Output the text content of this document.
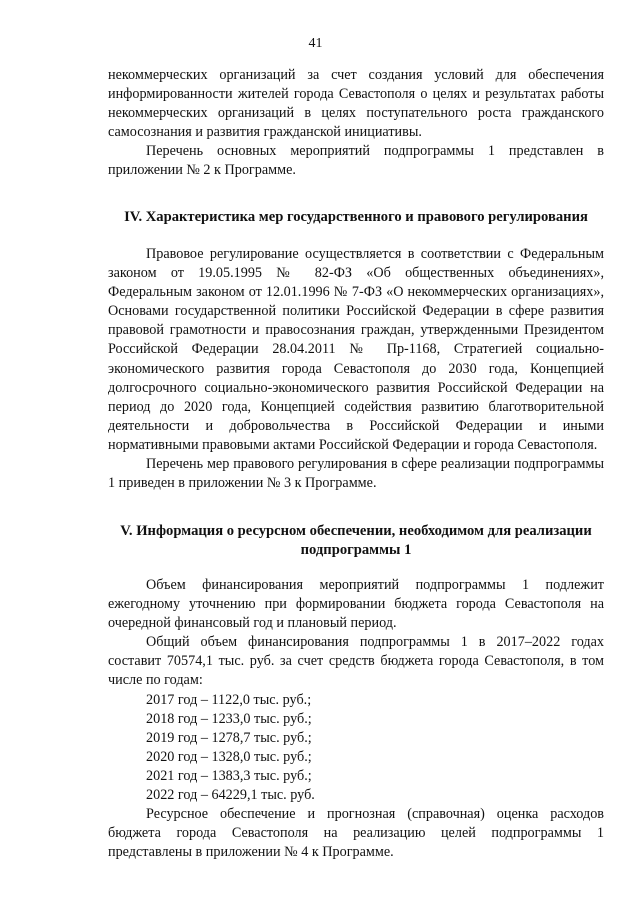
41

некоммерческих организаций за счет создания условий для обеспечения информированности жителей города Севастополя о целях и результатах работы некоммерческих организаций в целях поступательного роста гражданского самосознания и развития гражданской инициативы.

Перечень основных мероприятий подпрограммы 1 представлен в приложении № 2 к Программе.

IV. Характеристика мер государственного и правового регулирования

Правовое регулирование осуществляется в соответствии с Федеральным законом от 19.05.1995 № 82-ФЗ «Об общественных объединениях», Федеральным законом от 12.01.1996 № 7-ФЗ «О некоммерческих организациях», Основами государственной политики Российской Федерации в сфере развития правовой грамотности и правосознания граждан, утвержденными Президентом Российской Федерации 28.04.2011 № Пр-1168, Стратегией социально-экономического развития города Севастополя до 2030 года, Концепцией долгосрочного социально-экономического развития Российской Федерации на период до 2020 года, Концепцией содействия развитию благотворительной деятельности и добровольчества в Российской Федерации и иными нормативными правовыми актами Российской Федерации и города Севастополя.

Перечень мер правового регулирования в сфере реализации подпрограммы 1 приведен в приложении № 3 к Программе.

V. Информация о ресурсном обеспечении, необходимом для реализации
подпрограммы 1

Объем финансирования мероприятий подпрограммы 1 подлежит ежегодному уточнению при формировании бюджета города Севастополя на очередной финансовый год и плановый период.

Общий объем финансирования подпрограммы 1 в 2017–2022 годах составит 70574,1 тыс. руб. за счет средств бюджета города Севастополя, в том числе по годам:

2017 год – 1122,0 тыс. руб.;
2018 год – 1233,0 тыс. руб.;
2019 год – 1278,7 тыс. руб.;
2020 год – 1328,0 тыс. руб.;
2021 год – 1383,3 тыс. руб.;
2022 год – 64229,1 тыс. руб.

Ресурсное обеспечение и прогнозная (справочная) оценка расходов бюджета города Севастополя на реализацию целей подпрограммы 1 представлены в приложении № 4 к Программе.
